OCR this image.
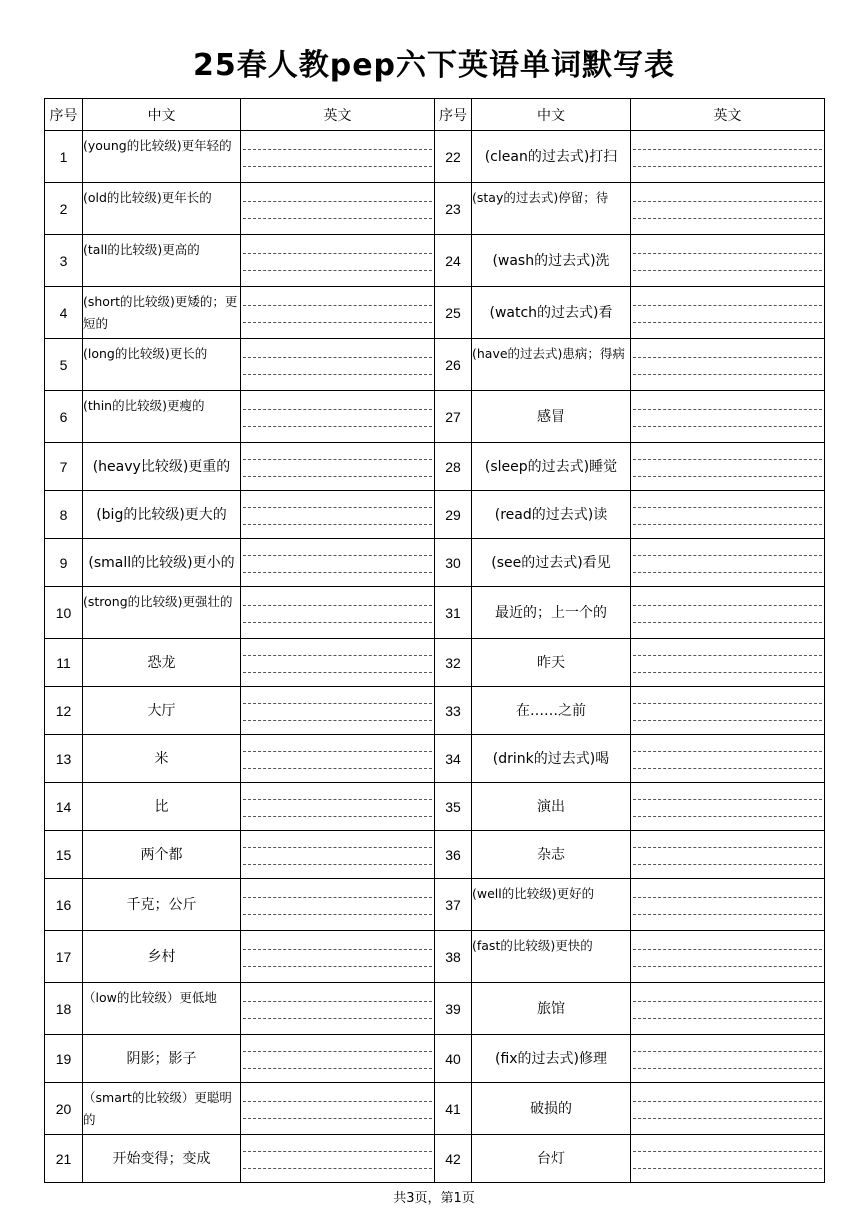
25春人教pep六下英语单词默写表
序号	中文	英文	序号	中文	英文
1	(young的比较级)更年轻的		22	(clean的过去式)打扫	

2	(old的比较级)更年长的		23	(stay的过去式)停留；待	

3	(tall的比较级)更高的		24	(wash的过去式)洗	

4	(short的比较级)更矮的；更短的		25	(watch的过去式)看	

5	(long的比较级)更长的		26	(have的过去式)患病；得病	

6	(thin的比较级)更瘦的		27	感冒	

7	(heavy比较级)更重的		28	(sleep的过去式)睡觉	

8	(big的比较级)更大的		29	(read的过去式)读	

9	(small的比较级)更小的		30	(see的过去式)看见	

10	(strong的比较级)更强壮的		31	最近的；上一个的	

11	恐龙		32	昨天	

12	大厅		33	在……之前	

13	米		34	(drink的过去式)喝	

14	比		35	演出	

15	两个都		36	杂志	

16	千克；公斤		37	(well的比较级)更好的	

17	乡村		38	(fast的比较级)更快的	

18	（low的比较级）更低地		39	旅馆	

19	阴影；影子		40	(fix的过去式)修理	

20	（smart的比较级）更聪明的		41	破损的	

21	开始变得；变成		42	台灯	
共3页，第1页
